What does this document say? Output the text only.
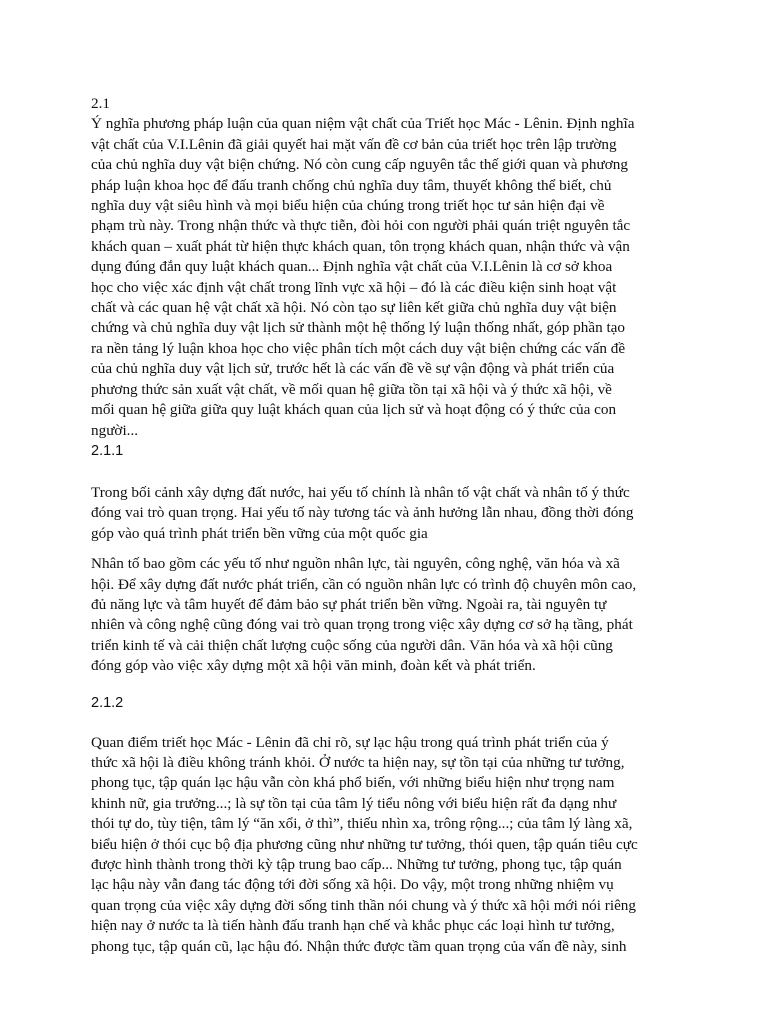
2.1
Ý nghĩa phương pháp luận của quan niệm vật chất của Triết học Mác - Lênin. Định nghĩa
vật chất của V.I.Lênin đã giải quyết hai mặt vấn đề cơ bản của triết học trên lập trường
của chủ nghĩa duy vật biện chứng. Nó còn cung cấp nguyên tắc thế giới quan và phương
pháp luận khoa học để đấu tranh chống chủ nghĩa duy tâm, thuyết không thể biết, chủ
nghĩa duy vật siêu hình và mọi biểu hiện của chúng trong triết học tư sản hiện đại về
phạm trù này. Trong nhận thức và thực tiễn, đòi hỏi con người phải quán triệt nguyên tắc
khách quan – xuất phát từ hiện thực khách quan, tôn trọng khách quan, nhận thức và vận
dụng đúng đắn quy luật khách quan... Định nghĩa vật chất của V.I.Lênin là cơ sở khoa
học cho việc xác định vật chất trong lĩnh vực xã hội – đó là các điều kiện sinh hoạt vật
chất và các quan hệ vật chất xã hội. Nó còn tạo sự liên kết giữa chủ nghĩa duy vật biện
chứng và chủ nghĩa duy vật lịch sử thành một hệ thống lý luận thống nhất, góp phần tạo
ra nền tảng lý luận khoa học cho việc phân tích một cách duy vật biện chứng các vấn đề
của chủ nghĩa duy vật lịch sử, trước hết là các vấn đề về sự vận động và phát triển của
phương thức sản xuất vật chất, về mối quan hệ giữa tồn tại xã hội và ý thức xã hội, về
mối quan hệ giữa giữa quy luật khách quan của lịch sử và hoạt động có ý thức của con
người...
2.1.1
Trong bối cảnh xây dựng đất nước, hai yếu tố chính là nhân tố vật chất và nhân tố ý thức
đóng vai trò quan trọng. Hai yếu tố này tương tác và ảnh hưởng lẫn nhau, đồng thời đóng
góp vào quá trình phát triển bền vững của một quốc gia
Nhân tố bao gồm các yếu tố như nguồn nhân lực, tài nguyên, công nghệ, văn hóa và xã
hội. Để xây dựng đất nước phát triển, cần có nguồn nhân lực có trình độ chuyên môn cao,
đủ năng lực và tâm huyết để đảm bảo sự phát triển bền vững. Ngoài ra, tài nguyên tự
nhiên và công nghệ cũng đóng vai trò quan trọng trong việc xây dựng cơ sở hạ tầng, phát
triển kinh tế và cải thiện chất lượng cuộc sống của người dân. Văn hóa và xã hội cũng
đóng góp vào việc xây dựng một xã hội văn minh, đoàn kết và phát triển.
2.1.2
Quan điểm triết học Mác - Lênin đã chỉ rõ, sự lạc hậu trong quá trình phát triển của ý
thức xã hội là điều không tránh khỏi. Ở nước ta hiện nay, sự tồn tại của những tư tưởng,
phong tục, tập quán lạc hậu vẫn còn khá phổ biến, với những biểu hiện như trọng nam
khinh nữ, gia trưởng...; là sự tồn tại của tâm lý tiểu nông với biểu hiện rất đa dạng như
thói tự do, tùy tiện, tâm lý “ăn xổi, ở thì”, thiếu nhìn xa, trông rộng...; của tâm lý làng xã,
biểu hiện ở thói cục bộ địa phương cũng như những tư tưởng, thói quen, tập quán tiêu cực
được hình thành trong thời kỳ tập trung bao cấp... Những tư tưởng, phong tục, tập quán
lạc hậu này vẫn đang tác động tới đời sống xã hội. Do vậy, một trong những nhiệm vụ
quan trọng của việc xây dựng đời sống tinh thần nói chung và ý thức xã hội mới nói riêng
hiện nay ở nước ta là tiến hành đấu tranh hạn chế và khắc phục các loại hình tư tưởng,
phong tục, tập quán cũ, lạc hậu đó. Nhận thức được tầm quan trọng của vấn đề này, sinh
